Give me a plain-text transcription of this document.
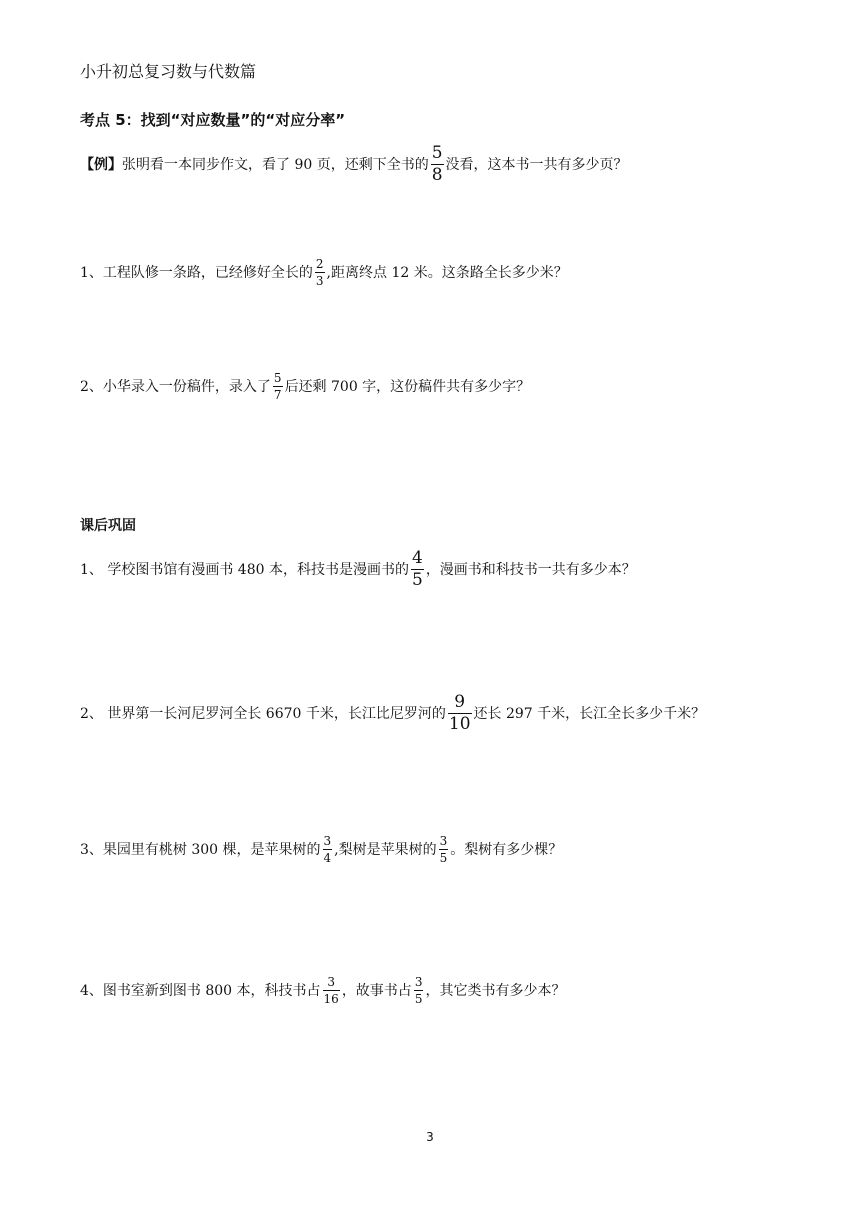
小升初总复习数与代数篇
考点 5：找到“对应数量”的“对应分率”
【例】 张明看一本同步作文，看了 90 页，还剩下全书的 $\frac{5}{8}$ 没看，这本书一共有多少页？
1、工程队修一条路，已经修好全长的 $\frac{2}{3}$ ,距离终点 12 米。这条路全长多少米？
2、小华录入一份稿件，录入了 $\frac{5}{7}$ 后还剩 700 字，这份稿件共有多少字？
课后巩固
1、 学校图书馆有漫画书 480 本，科技书是漫画书的 $\frac{4}{5}$ ，漫画书和科技书一共有多少本？
2、 世界第一长河尼罗河全长 6670 千米，长江比尼罗河的 $\frac{9}{10}$ 还长 297 千米，长江全长多少千米？
3、果园里有桃树 300 棵，是苹果树的 $\frac{3}{4}$ ,梨树是苹果树的 $\frac{3}{5}$ 。梨树有多少棵？
4、图书室新到图书 800 本，科技书占 $\frac{3}{16}$ ，故事书占 $\frac{3}{5}$ ，其它类书有多少本？
3
